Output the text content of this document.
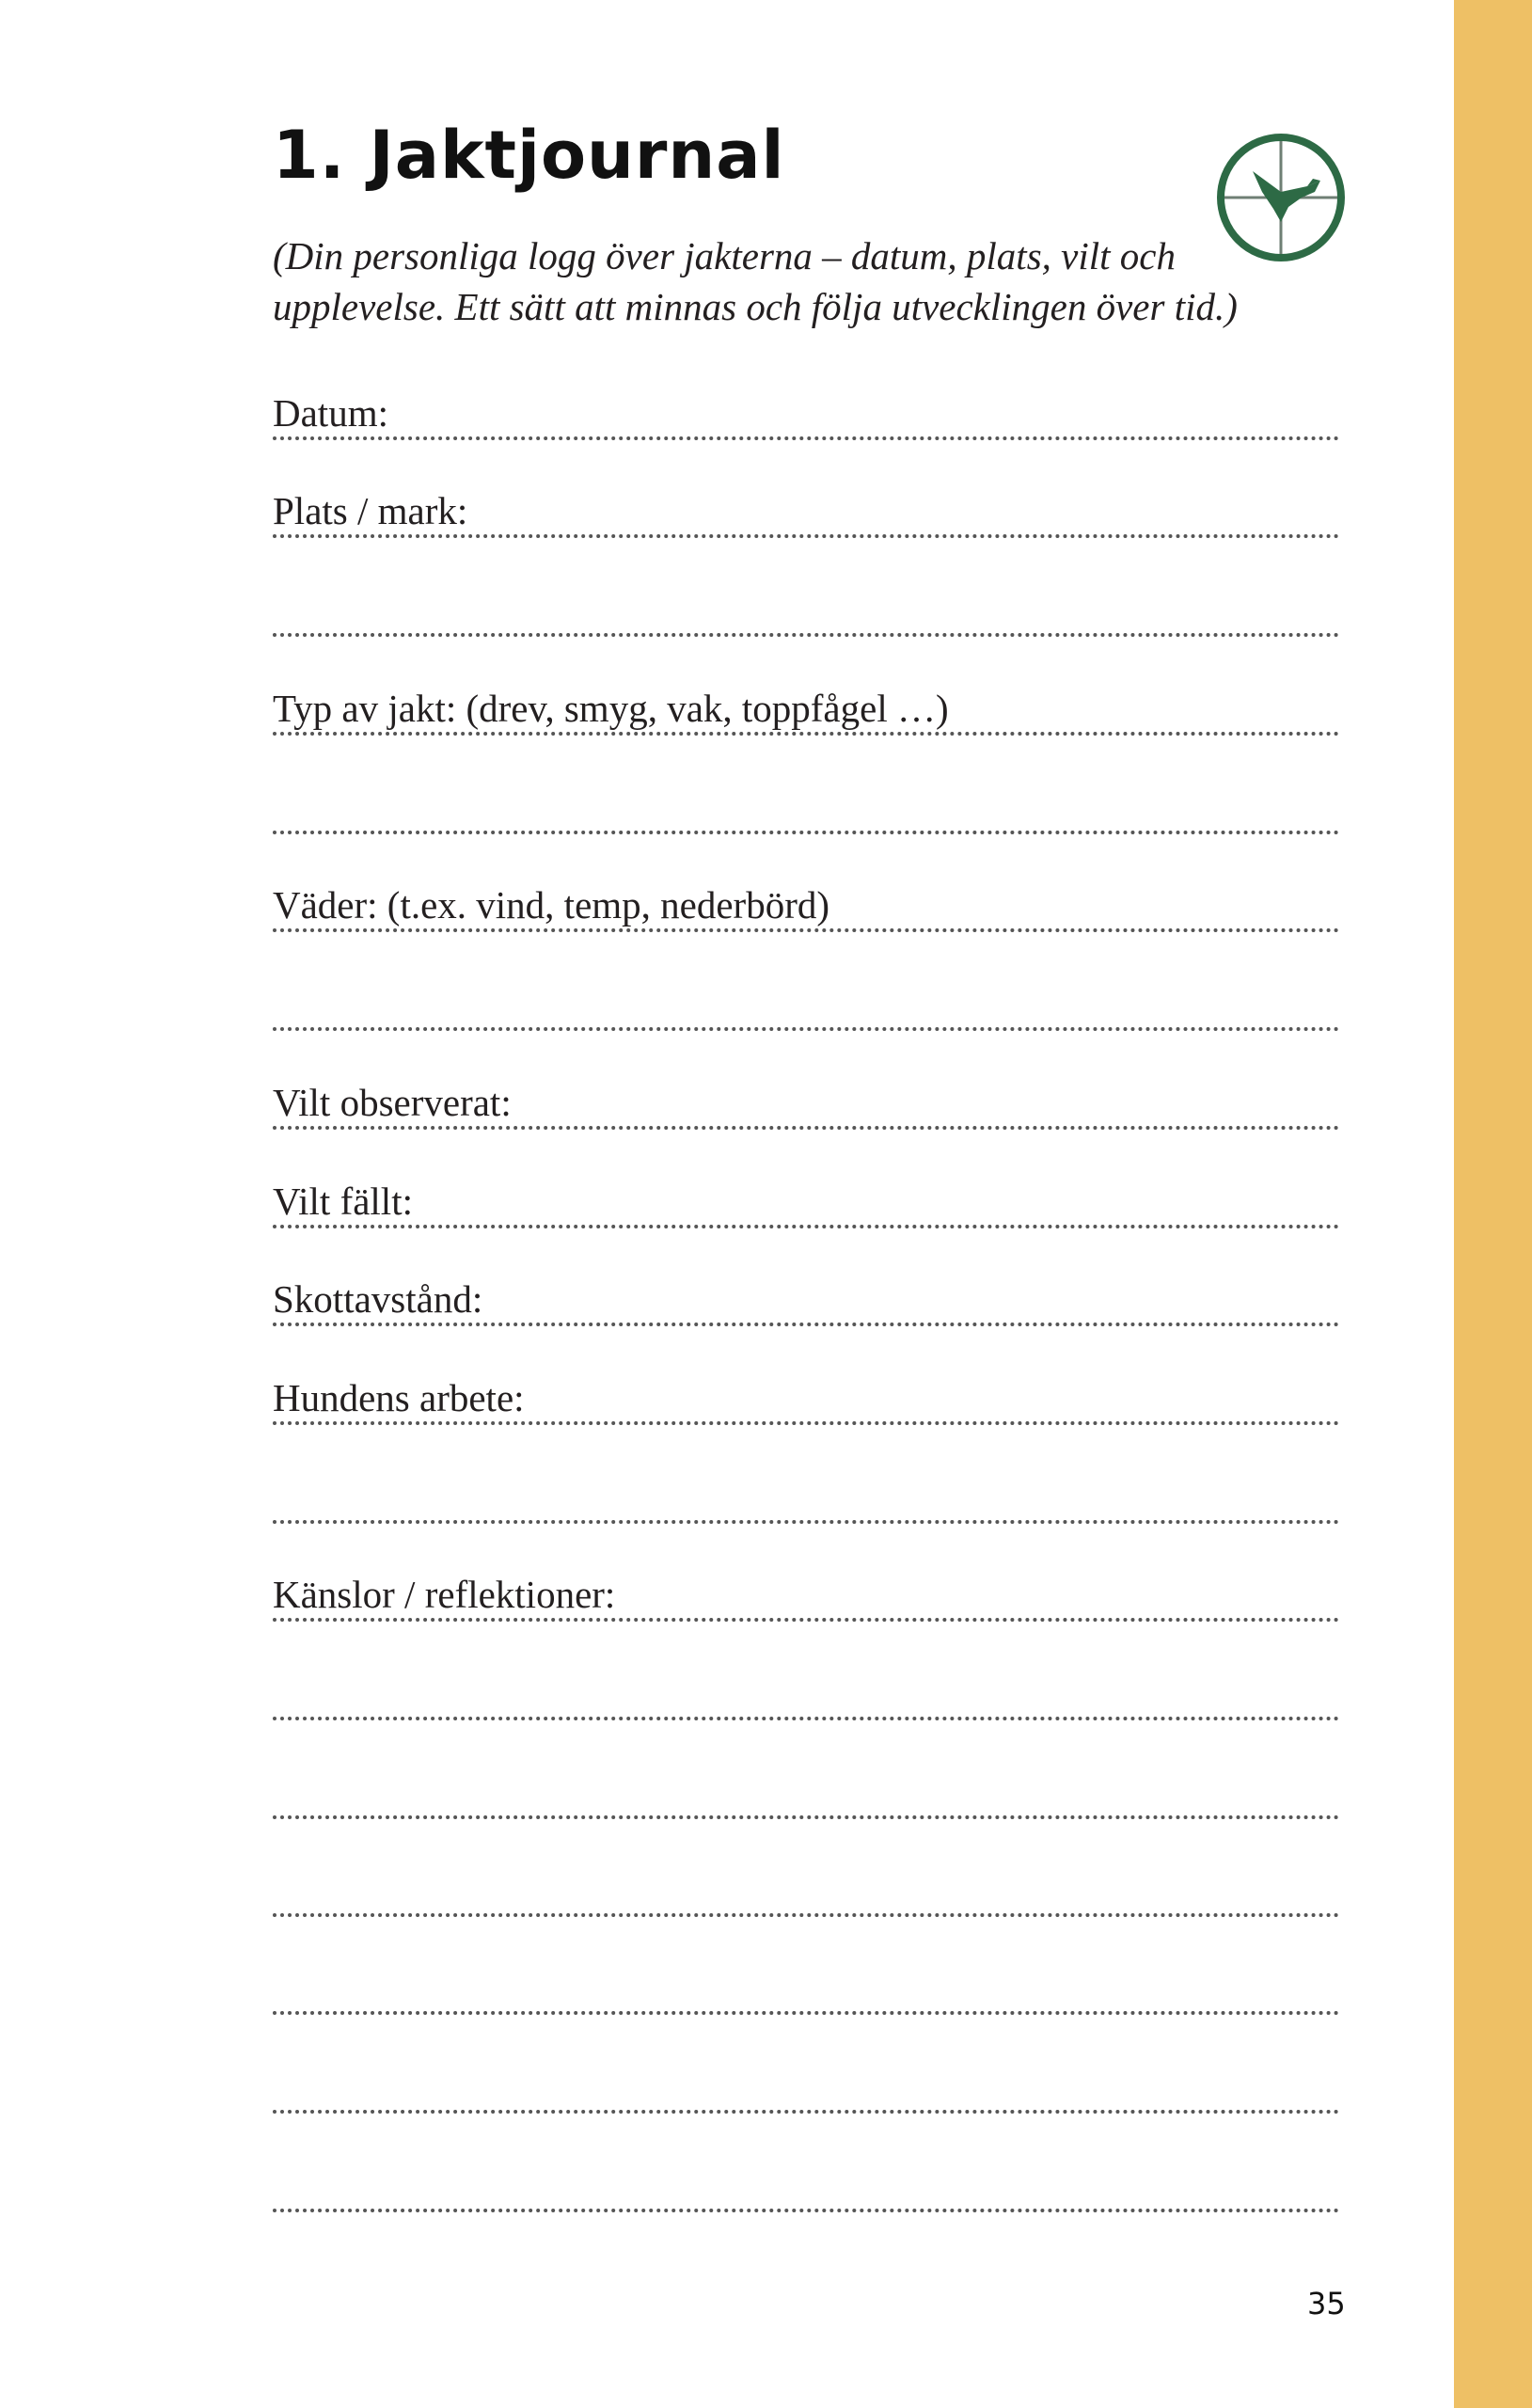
1. Jaktjournal

(Din personliga logg över jakterna – datum, plats, vilt och upplevelse. Ett sätt att minnas och följa utvecklingen över tid.)

Datum:
Plats / mark:
Typ av jakt: (drev, smyg, vak, toppfågel …)
Väder: (t.ex. vind, temp, nederbörd)
Vilt observerat:
Vilt fällt:
Skottavstånd:
Hundens arbete:
Känslor / reflektioner:
35
